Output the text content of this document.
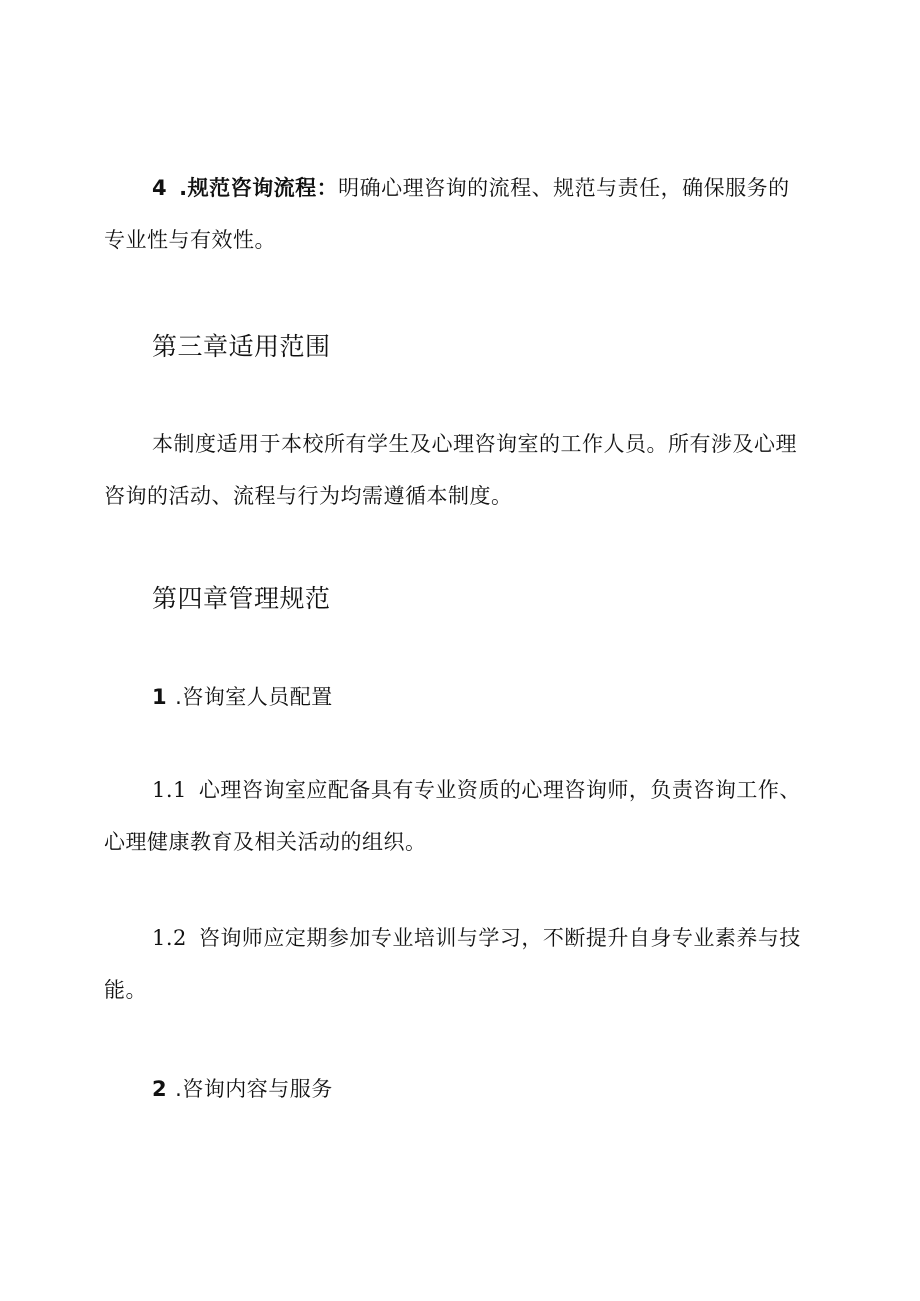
4 .规范咨询流程：明确心理咨询的流程、规范与责任，确保服务的专业性与有效性。

第三章适用范围

本制度适用于本校所有学生及心理咨询室的工作人员。所有涉及心理咨询的活动、流程与行为均需遵循本制度。

第四章管理规范
1 .咨询室人员配置

1.1 心理咨询室应配备具有专业资质的心理咨询师，负责咨询工作、心理健康教育及相关活动的组织。

1.2 咨询师应定期参加专业培训与学习，不断提升自身专业素养与技能。

2 .咨询内容与服务
